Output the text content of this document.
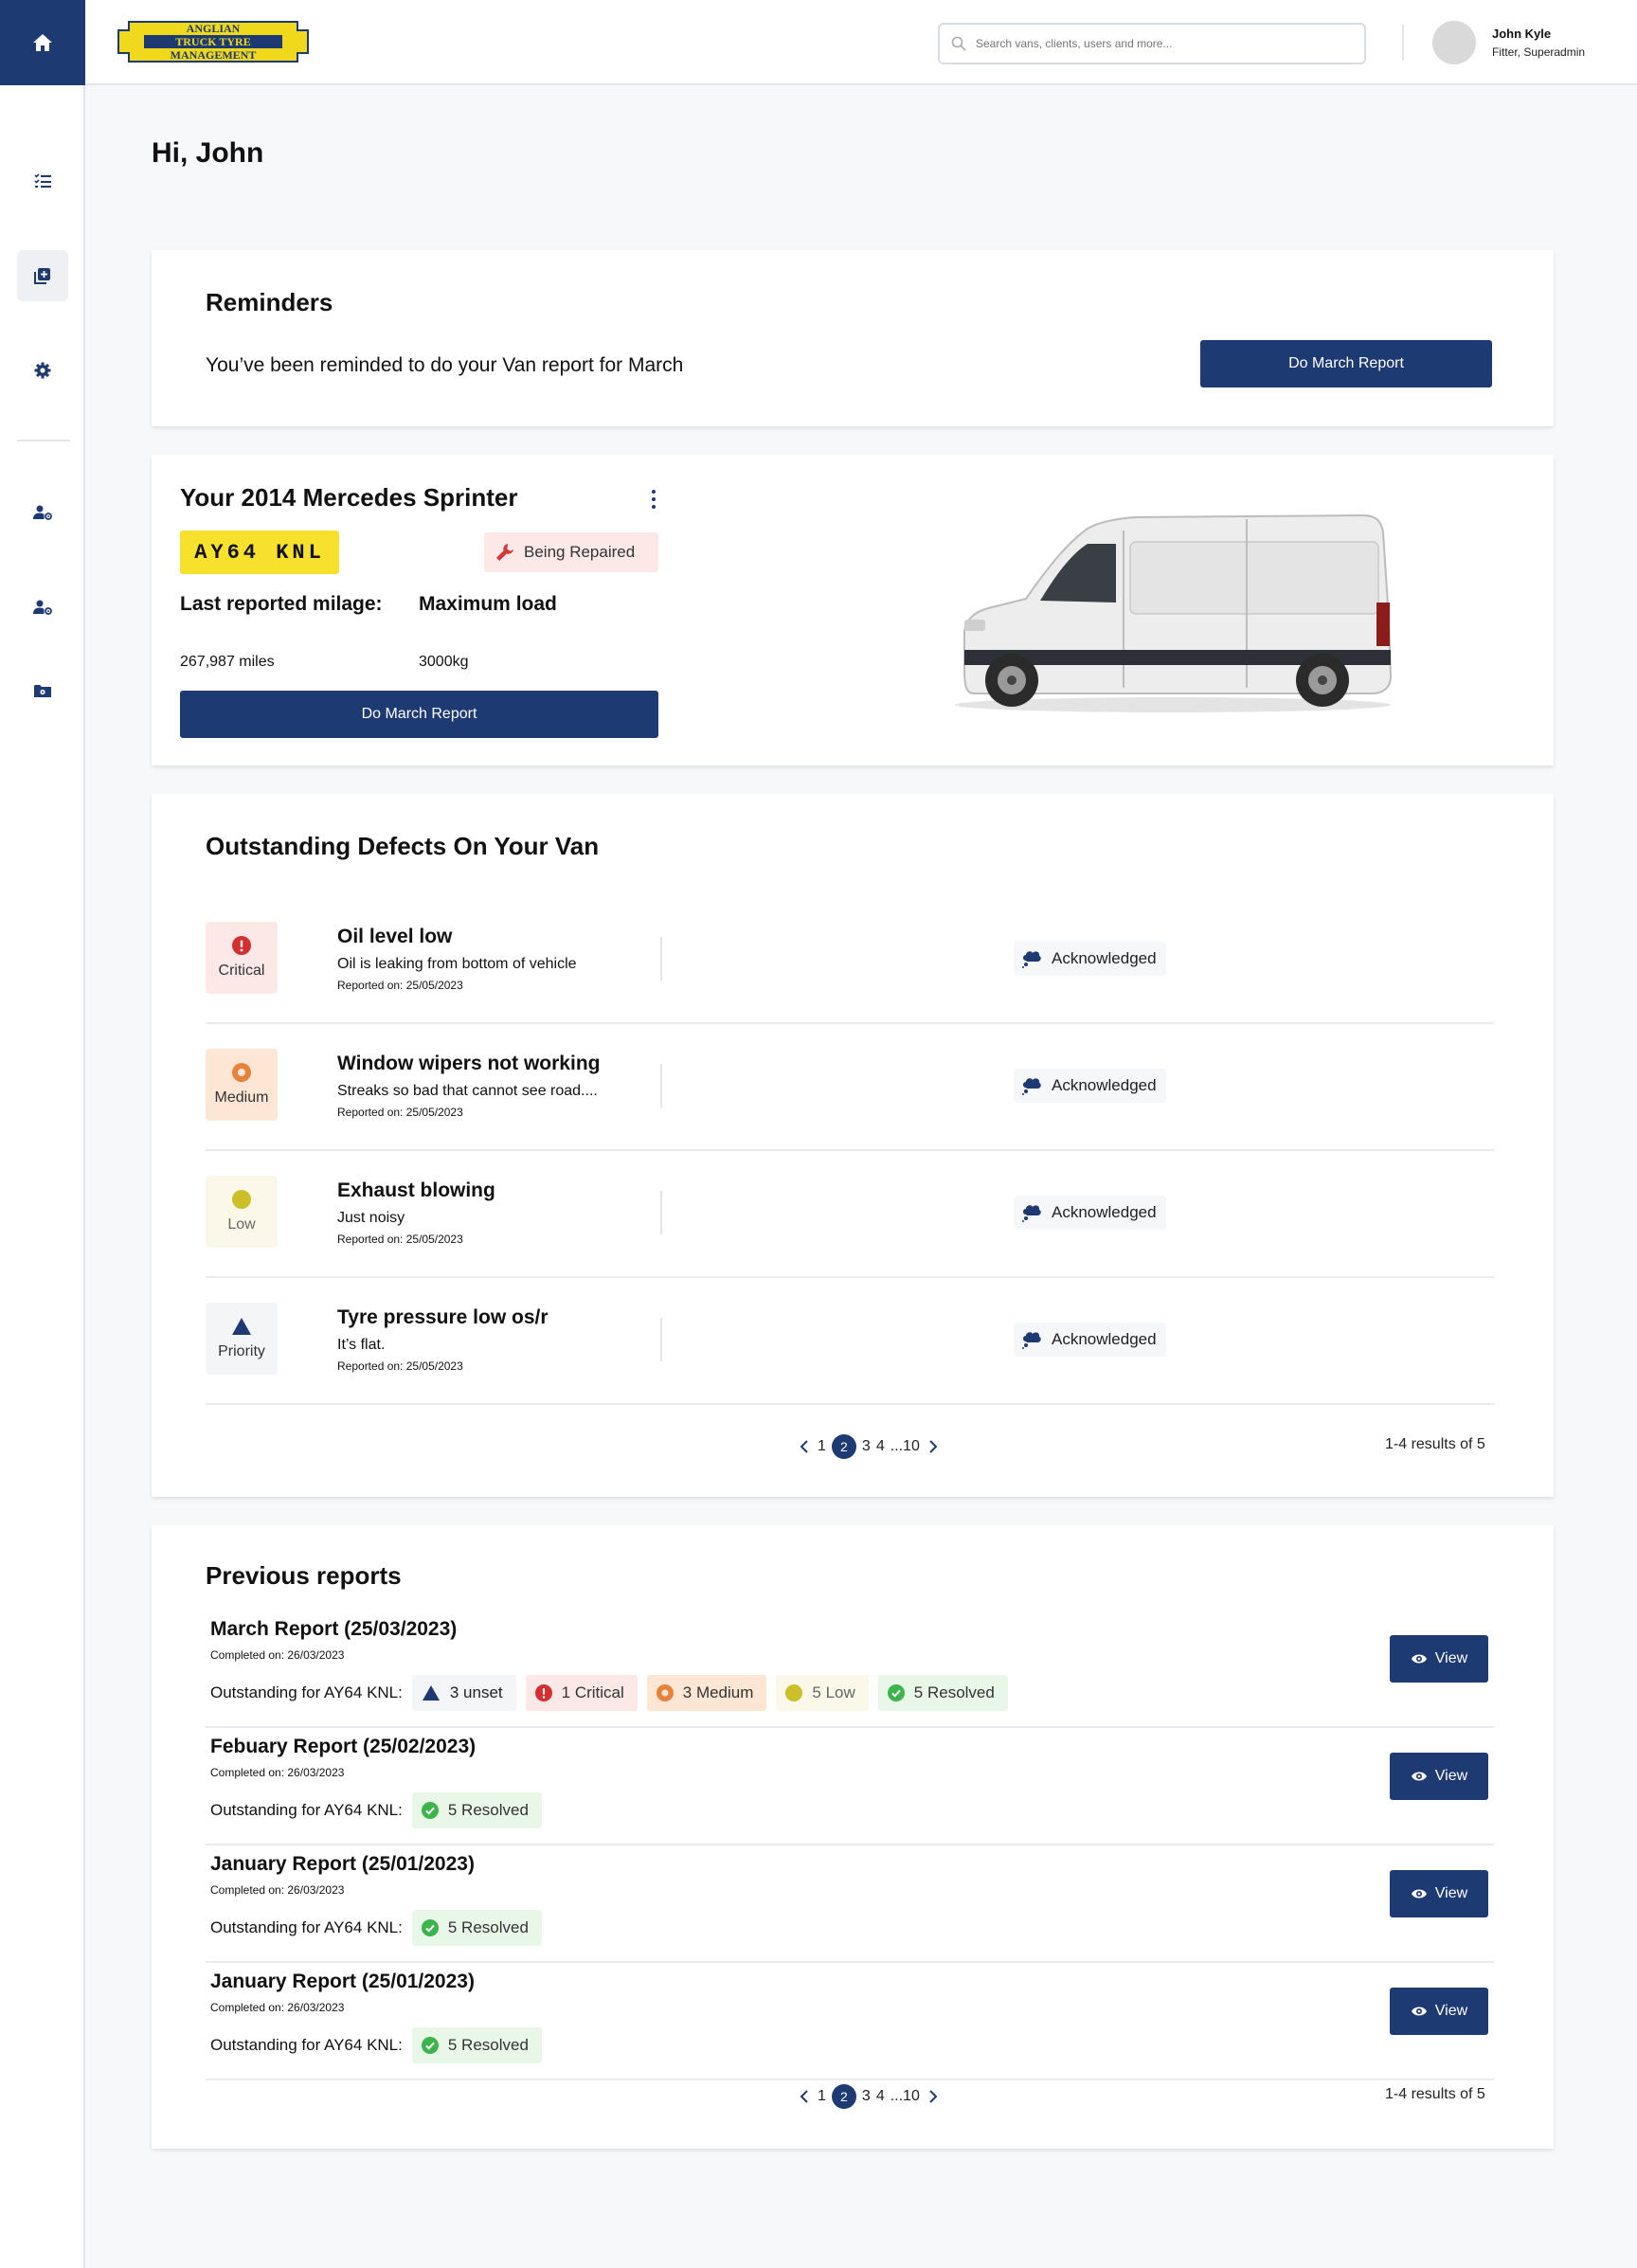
ANGLIAN
TRUCK TYRE
MANAGEMENT
Search vans, clients, users and more...
John Kyle
Fitter, Superadmin
Hi, John
Reminders
You’ve been reminded to do your Van report for March	Do March Report
Your 2014 Mercedes Sprinter
AY64 KNL	Being Repaired
Last reported milage: Maximum load
267,987 miles	3000kg
Do March Report
Outstanding Defects On Your Van
Critical
Oil level low
Oil is leaking from bottom of vehicle
Reported on: 25/05/2023
Acknowledged
Medium
Window wipers not working
Streaks so bad that cannot see road....
Reported on: 25/05/2023
Acknowledged
Low
Exhaust blowing
Just noisy
Reported on: 25/05/2023
Acknowledged
Priority
Tyre pressure low os/r
It’s flat.
Reported on: 25/05/2023
Acknowledged
1	2 3 4 ...10	1-4 results of 5
Previous reports
March Report (25/03/2023)
Completed on: 26/03/2023
Outstanding for AY64 KNL:	3 unset	1 Critical	3 Medium	5 Low	5 Resolved
View
Febuary Report (25/02/2023)
Completed on: 26/03/2023
Outstanding for AY64 KNL:	5 Resolved
View
January Report (25/01/2023)
Completed on: 26/03/2023
Outstanding for AY64 KNL:	5 Resolved
View
January Report (25/01/2023)
Completed on: 26/03/2023
Outstanding for AY64 KNL:	5 Resolved
View
1	2 3 4 ...10	1-4 results of 5
